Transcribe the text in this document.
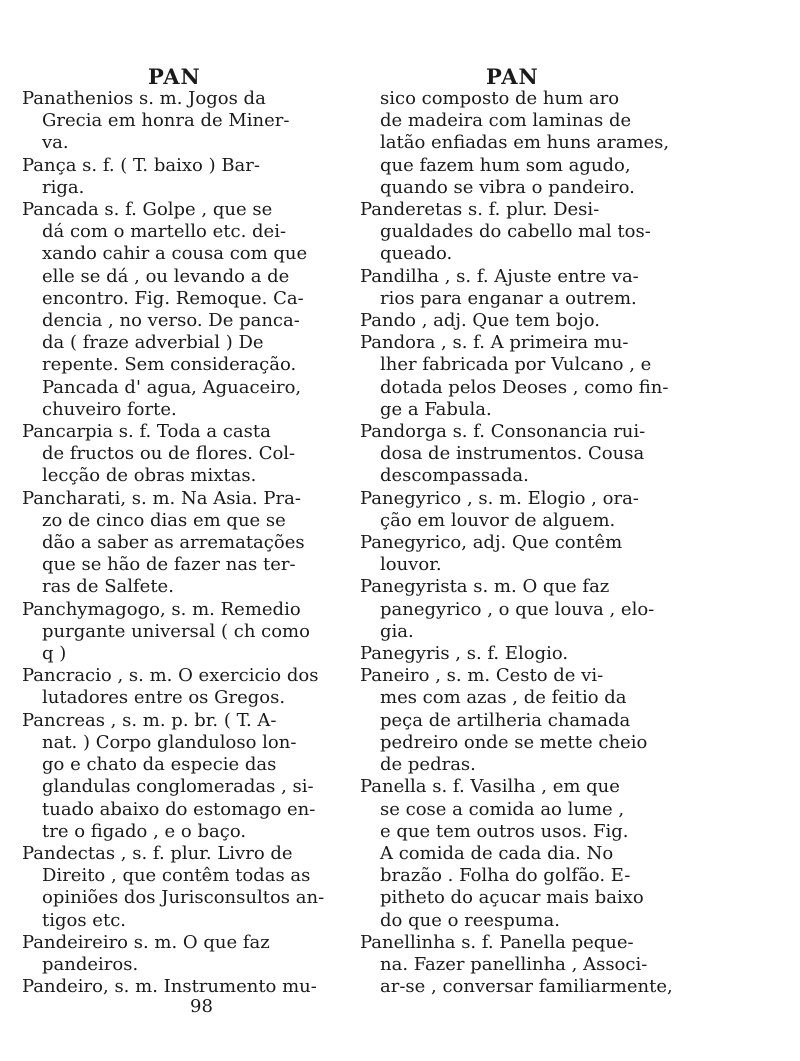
PAN	PAN
Panathenios s. m. Jogos da
Grecia em honra de Miner-
va.
Pança s. f. ( T. baixo ) Bar-
riga.
Pancada s. f. Golpe , que se
dá com o martello etc. dei-
xando cahir a cousa com que
elle se dá , ou levando a de
encontro. Fig. Remoque. Ca-
dencia , no verso. De panca-
da ( fraze adverbial ) De
repente. Sem consideração.
Pancada d' agua, Aguaceiro,
chuveiro forte.
Pancarpia s. f. Toda a casta
de fructos ou de flores. Col-
lecção de obras mixtas.
Pancharati, s. m. Na Asia. Pra-
zo de cinco dias em que se
dão a saber as arrematações
que se hão de fazer nas ter-
ras de Salfete.
Panchymagogo, s. m. Remedio
purgante universal ( ch como
q )
Pancracio , s. m. O exercicio dos
lutadores entre os Gregos.
Pancreas , s. m. p. br. ( T. A-
nat. ) Corpo glanduloso lon-
go e chato da especie das
glandulas conglomeradas , si-
tuado abaixo do estomago en-
tre o figado , e o baço.
Pandectas , s. f. plur. Livro de
Direito , que contêm todas as
opiniões dos Jurisconsultos an-
tigos etc.
Pandeireiro s. m. O que faz
pandeiros.
Pandeiro, s. m. Instrumento mu-
sico composto de hum aro
de madeira com laminas de
latão enfiadas em huns arames,
que fazem hum som agudo,
quando se vibra o pandeiro.
Panderetas s. f. plur. Desi-
gualdades do cabello mal tos-
queado.
Pandilha , s. f. Ajuste entre va-
rios para enganar a outrem.
Pando , adj. Que tem bojo.
Pandora , s. f. A primeira mu-
lher fabricada por Vulcano , e
dotada pelos Deoses , como fin-
ge a Fabula.
Pandorga s. f. Consonancia rui-
dosa de instrumentos. Cousa
descompassada.
Panegyrico , s. m. Elogio , ora-
ção em louvor de alguem.
Panegyrico, adj. Que contêm
louvor.
Panegyrista s. m. O que faz
panegyrico , o que louva , elo-
gia.
Panegyris , s. f. Elogio.
Paneiro , s. m. Cesto de vi-
mes com azas , de feitio da
peça de artilheria chamada
pedreiro onde se mette cheio
de pedras.
Panella s. f. Vasilha , em que
se cose a comida ao lume ,
e que tem outros usos. Fig.
A comida de cada dia. No
brazão . Folha do golfão. E-
pitheto do açucar mais baixo
do que o reespuma.
Panellinha s. f. Panella peque-
na. Fazer panellinha , Associ-
ar-se , conversar familiarmente,
98
